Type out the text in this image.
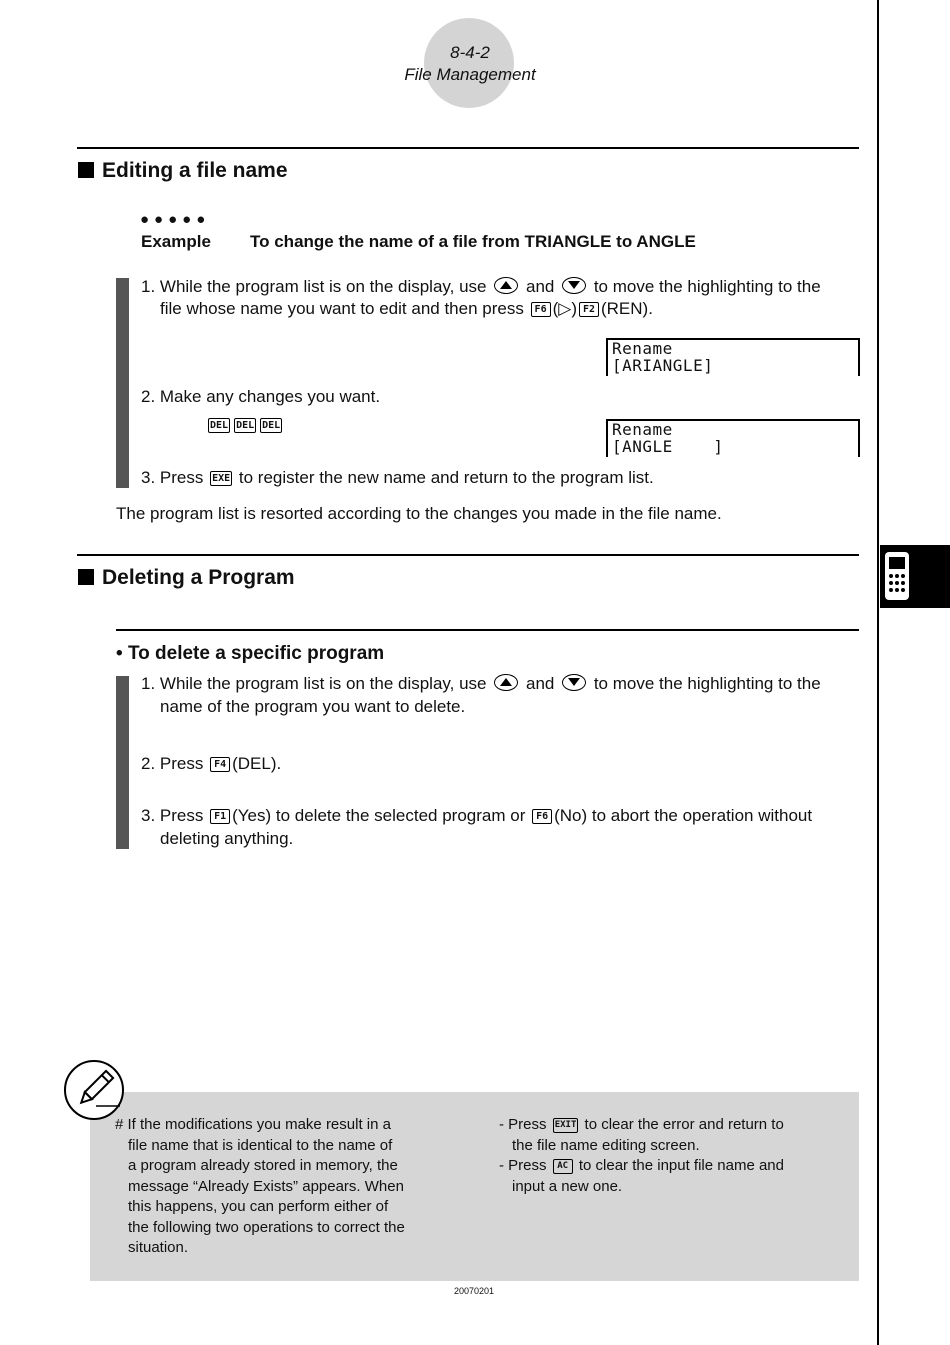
8-4-2
File Management
Editing a file name
●●●●●
Example To change the name of a file from TRIANGLE to ANGLE
1. While the program list is on the display, use and to move the highlighting to the
file whose name you want to edit and then press F6 (▷) F2 (REN).
Rename
[ARIANGLE]
2. Make any changes you want.
DEL DEL DEL	Rename
[ANGLE    ]
3. Press EXE to register the new name and return to the program list.
The program list is resorted according to the changes you made in the file name.
Deleting a Program
• To delete a specific program
1. While the program list is on the display, use and to move the highlighting to the
name of the program you want to delete.
2. Press F4 (DEL).
3. Press F1 (Yes) to delete the selected program or F6 (No) to abort the operation without
deleting anything.
# If the modifications you make result in a
file name that is identical to the name of
a program already stored in memory, the
message “Already Exists” appears. When
this happens, you can perform either of
the following two operations to correct the
situation.
- Press EXIT to clear the error and return to
the file name editing screen.
- Press AC to clear the input file name and
input a new one.
20070201
